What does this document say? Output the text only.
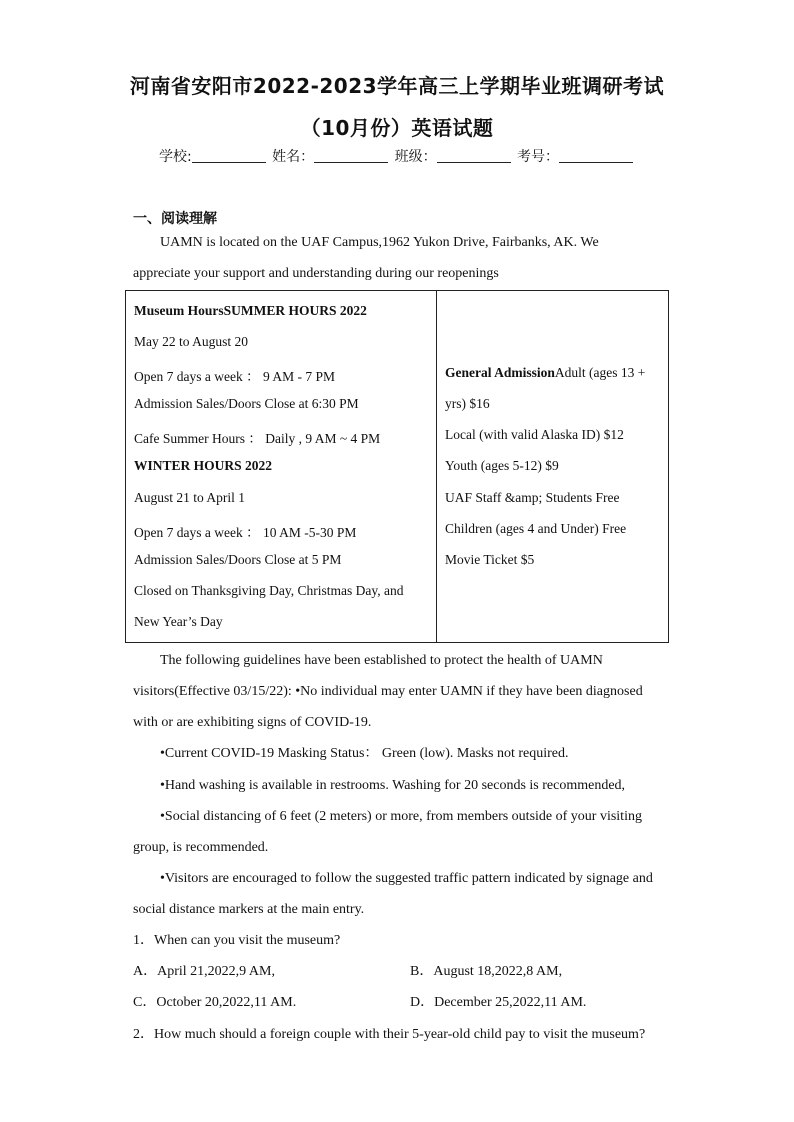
河南省安阳市2022-2023学年高三上学期毕业班调研考试
（10月份）英语试题
学校:	姓名：	班级：	考号：
一、阅读理解
UAMN is located on the UAF Campus,1962 Yukon Drive, Fairbanks, AK. We
appreciate your support and understanding during our reopenings
Museum HoursSUMMER HOURS 2022
May 22 to August 20
Open 7 days a week ： 9 AM - 7 PM
Admission Sales/Doors Close at 6:30 PM
Cafe Summer Hours ： Daily , 9 AM ~ 4 PM
WINTER HOURS 2022
August 21 to April 1
Open 7 days a week ： 10 AM -5-30 PM
Admission Sales/Doors Close at 5 PM
Closed on Thanksgiving Day, Christmas Day, and
New Year’s Day
General AdmissionAdult (ages 13 +
yrs) $16
Local (with valid Alaska ID) $12
Youth (ages 5-12) $9
UAF Staff &amp; Students Free
Children (ages 4 and Under) Free
Movie Ticket $5
The following guidelines have been established to protect the health of UAMN
visitors(Effective 03/15/22): •No individual may enter UAMN if they have been diagnosed
with or are exhibiting signs of COVID-19.
•Current COVID-19 Masking Status： Green (low). Masks not required.
•Hand washing is available in restrooms. Washing for 20 seconds is recommended,
•Social distancing of 6 feet (2 meters) or more, from members outside of your visiting
group, is recommended.
•Visitors are encouraged to follow the suggested traffic pattern indicated by signage and
social distance markers at the main entry.
1．When can you visit the museum?
A．April 21,2022,9 AM,	B．August 18,2022,8 AM,
C．October 20,2022,11 AM.	D．December 25,2022,11 AM.
2．How much should a foreign couple with their 5-year-old child pay to visit the museum?
